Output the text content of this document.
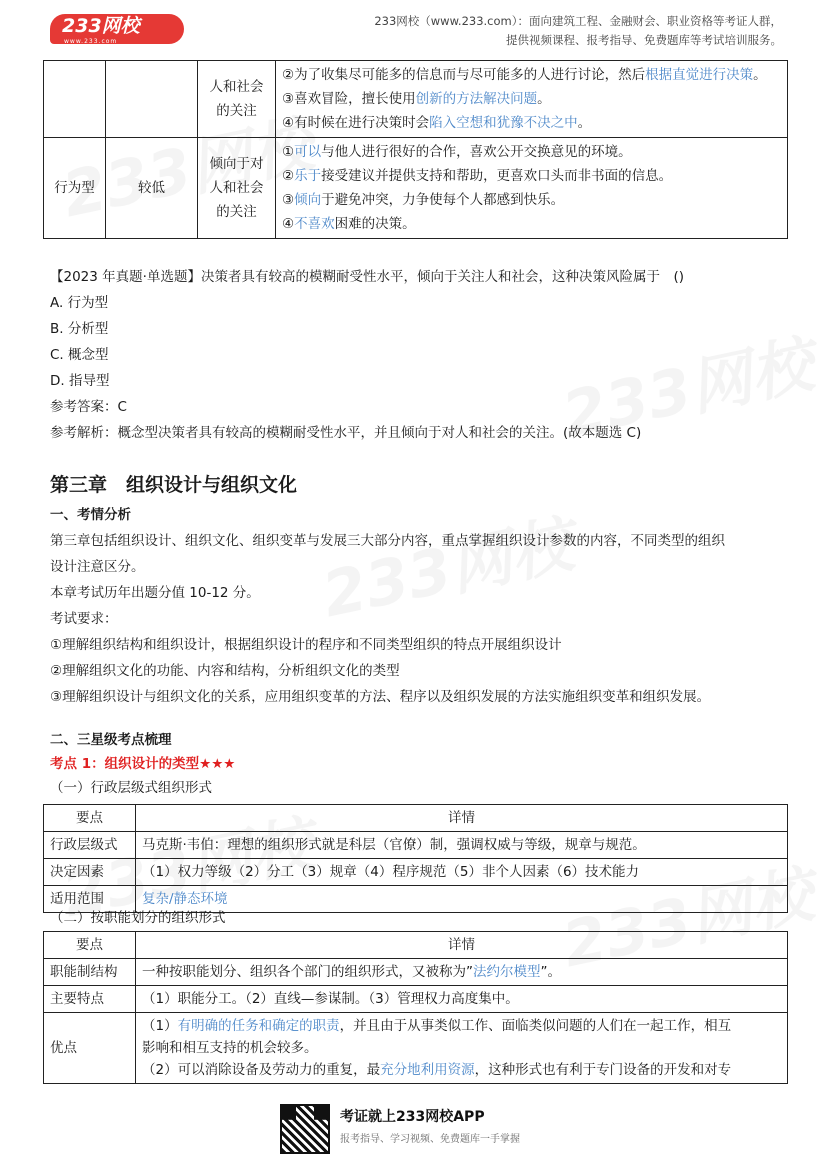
233网校
www.233.com
233网校（www.233.com）：面向建筑工程、金融财会、职业资格等考证人群，
提供视频课程、报考指导、免费题库等考试培训服务。
		人和社会的关注	②为了收集尽可能多的信息而与尽可能多的人进行讨论，然后根据直觉进行决策。
③喜欢冒险，擅长使用创新的方法解决问题。
④有时候在进行决策时会陷入空想和犹豫不决之中。

行为型	较低	倾向于对人和社会的关注	①可以与他人进行很好的合作，喜欢公开交换意见的环境。
②乐于接受建议并提供支持和帮助，更喜欢口头而非书面的信息。
③倾向于避免冲突，力争使每个人都感到快乐。
④不喜欢困难的决策。
【2023 年真题·单选题】决策者具有较高的模糊耐受性水平，倾向于关注人和社会，这种决策风险属于　()
A. 行为型
B. 分析型
C. 概念型
D. 指导型
参考答案：C
参考解析：概念型决策者具有较高的模糊耐受性水平，并且倾向于对人和社会的关注。(故本题选 C)
第三章　组织设计与组织文化
一、考情分析
第三章包括组织设计、组织文化、组织变革与发展三大部分内容，重点掌握组织设计参数的内容，不同类型的组织
设计注意区分。
本章考试历年出题分值 10-12 分。
考试要求：
①理解组织结构和组织设计，根据组织设计的程序和不同类型组织的特点开展组织设计
②理解组织文化的功能、内容和结构，分析组织文化的类型
③理解组织设计与组织文化的关系，应用组织变革的方法、程序以及组织发展的方法实施组织变革和组织发展。
二、三星级考点梳理
考点 1：组织设计的类型★★★
（一）行政层级式组织形式
要点	详情
行政层级式	马克斯·韦伯：理想的组织形式就是科层（官僚）制，强调权威与等级，规章与规范。
决定因素	（1）权力等级（2）分工（3）规章（4）程序规范（5）非个人因素（6）技术能力
适用范围	复杂/静态环境
（二）按职能划分的组织形式
要点	详情
职能制结构	一种按职能划分、组织各个部门的组织形式，又被称为”法约尔模型”。
主要特点	（1）职能分工。（2）直线—参谋制。（3）管理权力高度集中。
优点	（1）有明确的任务和确定的职责，并且由于从事类似工作、面临类似问题的人们在一起工作，相互
影响和相互支持的机会较多。
（2）可以消除设备及劳动力的重复，最充分地利用资源，这种形式也有利于专门设备的开发和对专
考证就上233网校APP
报考指导、学习视频、免费题库一手掌握
